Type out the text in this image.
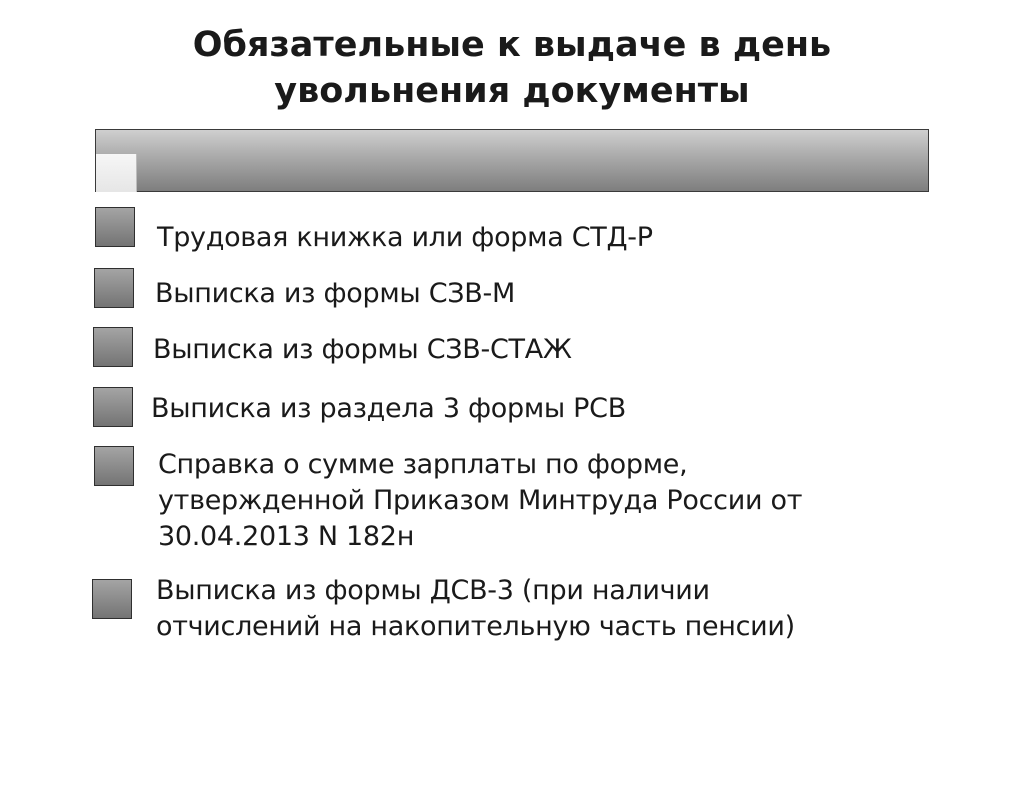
Обязательные к выдаче в день
увольнения документы

Трудовая книжка или форма СТД-Р

Выписка из формы СЗВ-М

Выписка из формы СЗВ-СТАЖ

Выписка из раздела 3 формы РСВ

Справка о сумме зарплаты по форме,
утвержденной Приказом Минтруда России от
30.04.2013 N 182н

Выписка из формы ДСВ-3 (при наличии
отчислений на накопительную часть пенсии)
